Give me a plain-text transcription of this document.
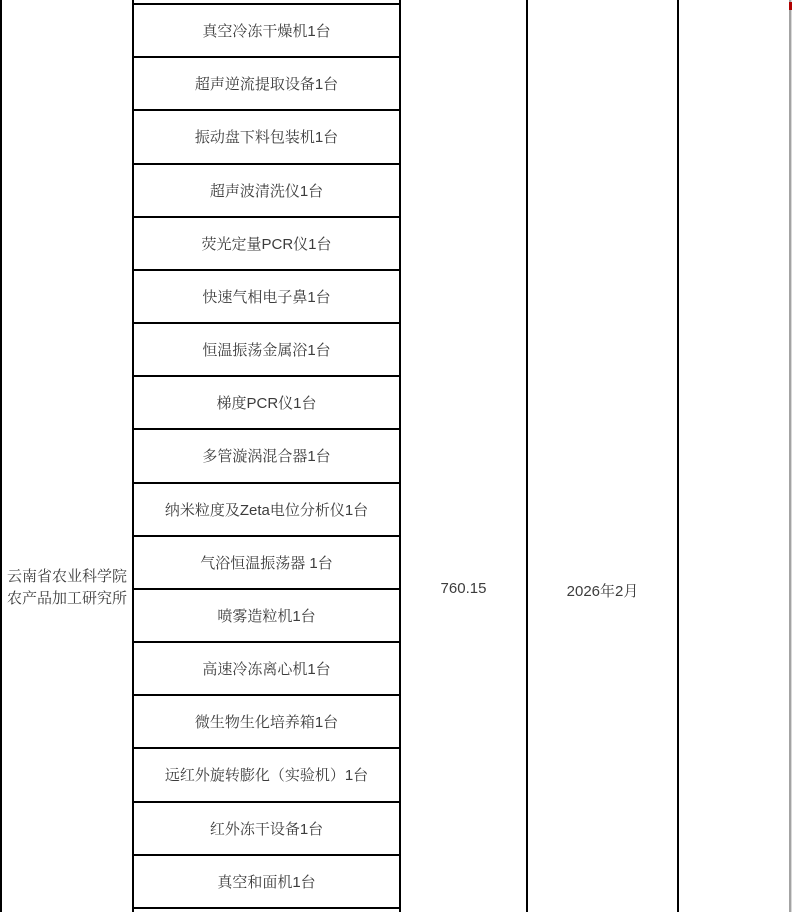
云南省农业科学院农产品加工研究所
真空冷冻干燥机1台
超声逆流提取设备1台
振动盘下料包装机1台
超声波清洗仪1台
荧光定量PCR仪1台
快速气相电子鼻1台
恒温振荡金属浴1台
梯度PCR仪1台
多管漩涡混合器1台
纳米粒度及Zeta电位分析仪1台
气浴恒温振荡器 1台
喷雾造粒机1台
高速冷冻离心机1台
微生物生化培养箱1台
远红外旋转膨化（实验机）1台
红外冻干设备1台
真空和面机1台
760.15	2026年2月
